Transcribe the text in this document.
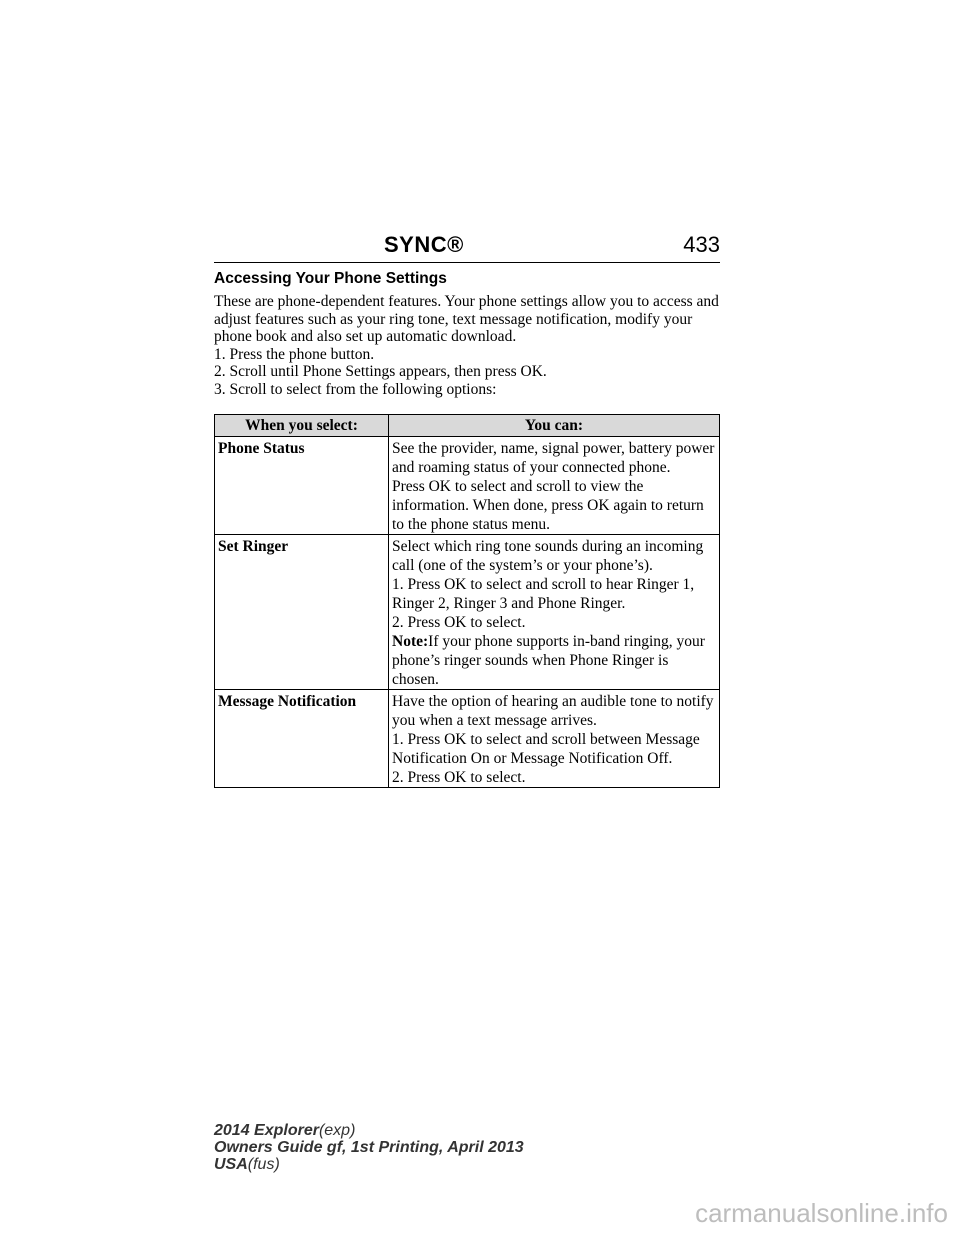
SYNC®	433
Accessing Your Phone Settings

These are phone-dependent features. Your phone settings allow you to access and adjust features such as your ring tone, text message notification, modify your phone book and also set up automatic download.

1. Press the phone button.

2. Scroll until Phone Settings appears, then press OK.

3. Scroll to select from the following options:

When you select:	You can:
Phone Status	See the provider, name, signal power, battery power and roaming status of your connected phone.

Press OK to select and scroll to view the information. When done, press OK again to return to the phone status menu.

Set Ringer	Select which ring tone sounds during an incoming call (one of the system’s or your phone’s).

1. Press OK to select and scroll to hear Ringer 1, Ringer 2, Ringer 3 and Phone Ringer.

2. Press OK to select.

Note:If your phone supports in-band ringing, your phone’s ringer sounds when Phone Ringer is chosen.

Message Notification	Have the option of hearing an audible tone to notify you when a text message arrives.

1. Press OK to select and scroll between Message Notification On or Message Notification Off.

2. Press OK to select.

2014 Explorer(exp)
Owners Guide gf, 1st Printing, April 2013
USA(fus)
carmanualsonline.info
